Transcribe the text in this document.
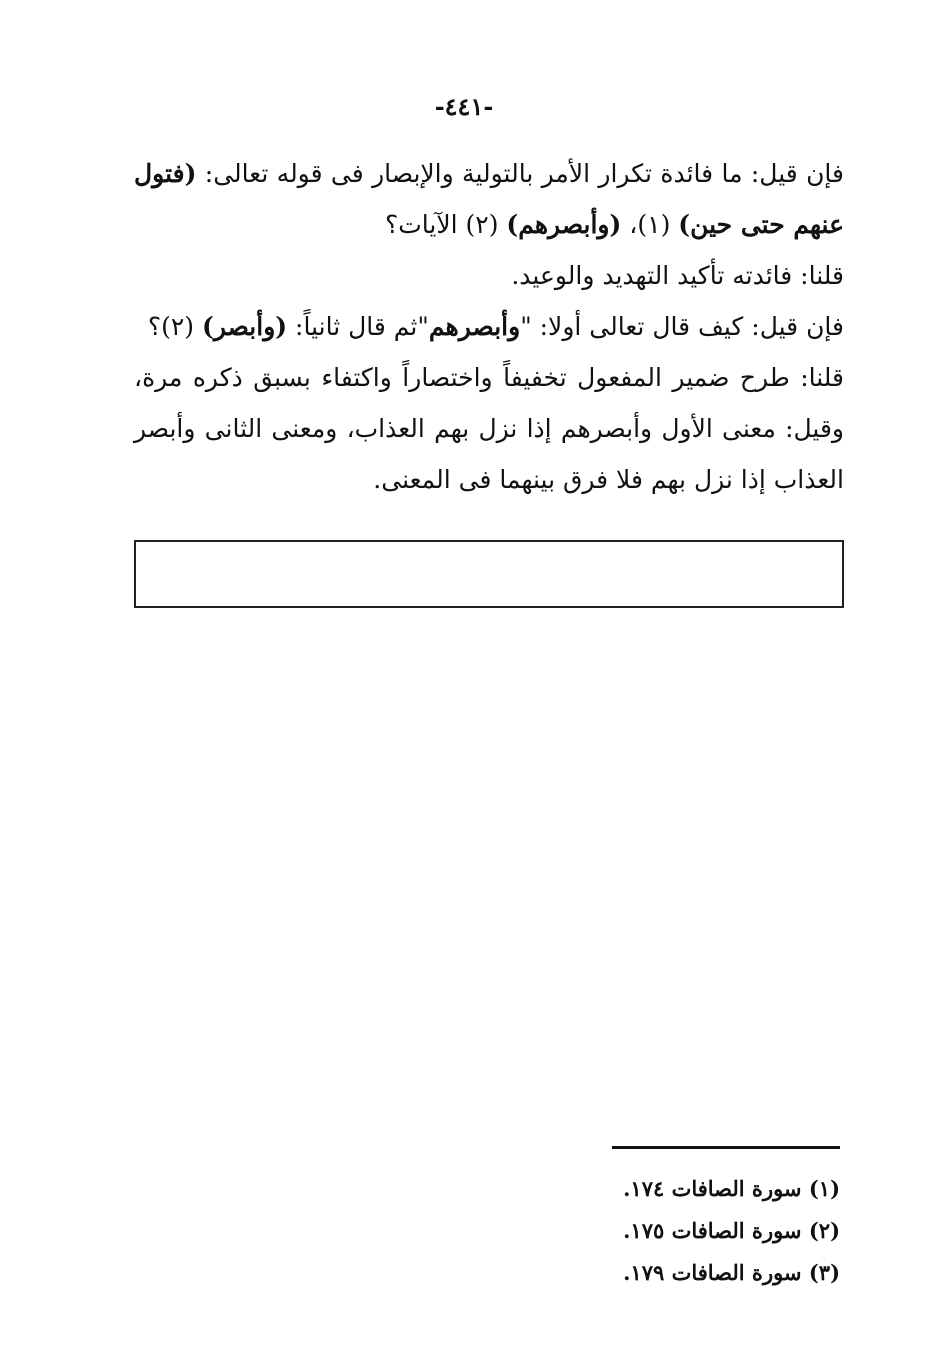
-٤٤١-

فإن قيل: ما فائدة تكرار الأمر بالتولية والإبصار فى قوله تعالى: (فتول عنهم حتى حين) (١)، (وأبصرهم) (٢) الآيات؟

قلنا: فائدته تأكيد التهديد والوعيد.

فإن قيل: كيف قال تعالى أولا: "وأبصرهم"ثم قال ثانياً: (وأبصر) (٢)؟

قلنا: طرح ضمير المفعول تخفيفاً واختصاراً واكتفاء بسبق ذكره مرة، وقيل: معنى الأول وأبصرهم إذا نزل بهم العذاب، ومعنى الثانى وأبصر العذاب إذا نزل بهم فلا فرق بينهما فى المعنى.

(١) سورة الصافات ١٧٤.

(٢) سورة الصافات ١٧٥.

(٣) سورة الصافات ١٧٩.
